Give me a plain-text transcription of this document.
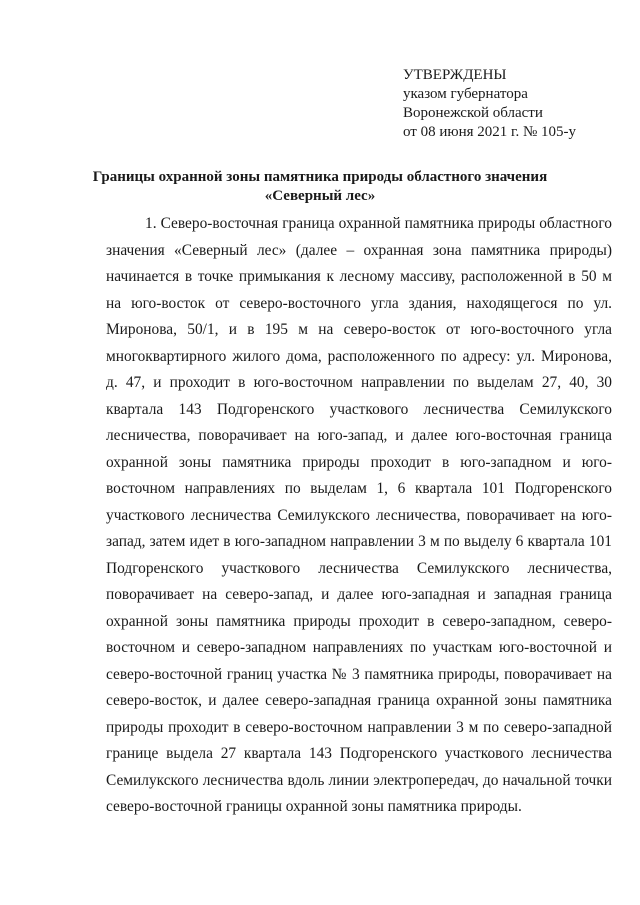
УТВЕРЖДЕНЫ
указом губернатора
Воронежской области
от 08 июня 2021 г. № 105-у
Границы охранной зоны памятника природы областного значения
«Северный лес»

1. Северо-восточная граница охранной памятника природы областного значения «Северный лес» (далее – охранная зона памятника природы) начинается в точке примыкания к лесному массиву, расположенной в 50 м на юго-восток от северо-восточного угла здания, находящегося по ул. Миронова, 50/1, и в 195 м на северо-восток от юго-восточного угла многоквартирного жилого дома, расположенного по адресу: ул. Миронова, д. 47, и проходит в юго-восточном направлении по выделам 27, 40, 30 квартала 143 Подгоренского участкового лесничества Семилукского лесничества, поворачивает на юго-запад, и далее юго-восточная граница охранной зоны памятника природы проходит в юго-западном и юго-восточном направлениях по выделам 1, 6 квартала 101 Подгоренского участкового лесничества Семилукского лесничества, поворачивает на юго-запад, затем идет в юго-западном направлении 3 м по выделу 6 квартала 101 Подгоренского участкового лесничества Семилукского лесничества, поворачивает на северо-запад, и далее юго-западная и западная граница охранной зоны памятника природы проходит в северо-западном, северо-восточном и северо-западном направлениях по участкам юго-восточной и северо-восточной границ участка № 3 памятника природы, поворачивает на северо-восток, и далее северо-западная граница охранной зоны памятника природы проходит в северо-восточном направлении 3 м по северо-западной границе выдела 27 квартала 143 Подгоренского участкового лесничества Семилукского лесничества вдоль линии электропередач, до начальной точки северо-восточной границы охранной зоны памятника природы.
